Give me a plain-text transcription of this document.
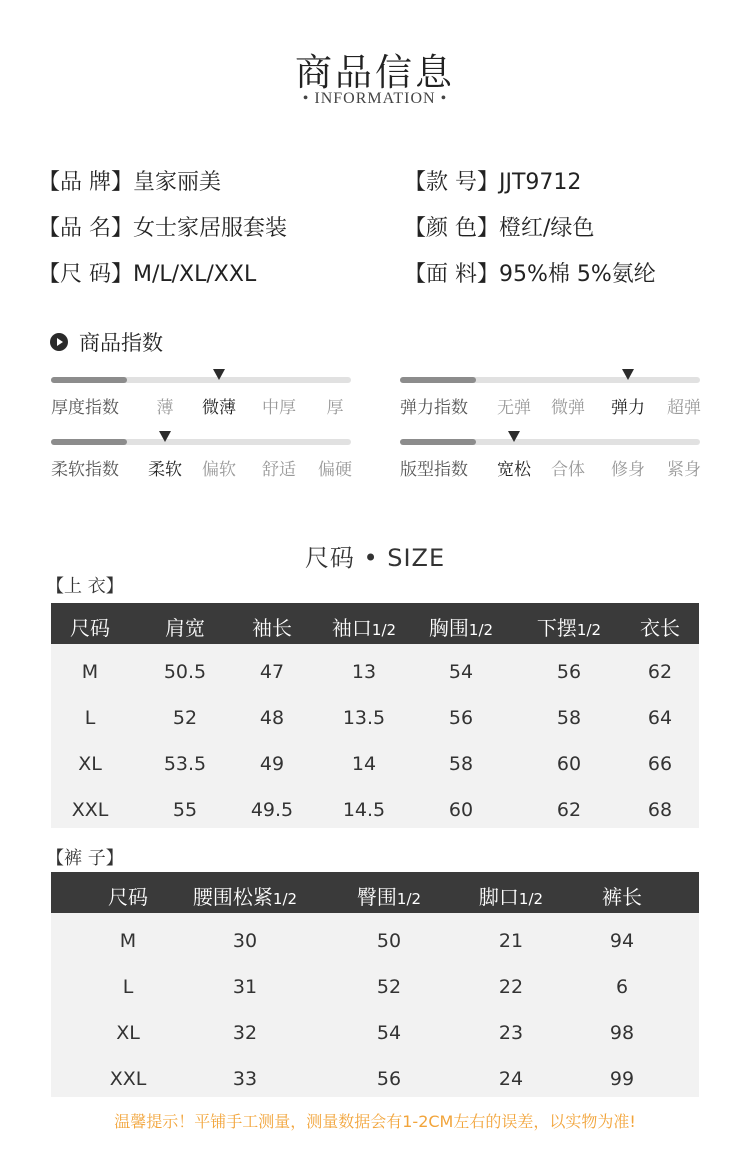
商品信息
• INFORMATION •
【品 牌】皇家丽美	【款 号】JJT9712
【品 名】女士家居服套装	【颜 色】橙红/绿色
【尺 码】M/L/XL/XXL	【面 料】95%棉 5%氨纶
商品指数
厚度指数 薄 微薄 中厚 厚	弹力指数 无弹 微弹 弹力 超弹
柔软指数 柔软 偏软 舒适 偏硬	版型指数 宽松 合体 修身 紧身
尺码 • SIZE
【上 衣】
尺码	肩宽 袖长 袖口1/2 胸围1/2 下摆1/2 衣长
M	50.5	47	13	54	56	62
L	52	48	13.5	56	58	64
XL	53.5	49	14	58	60	66
XXL	55	49.5	14.5	60	62	68
【裤 子】
尺码 腰围松紧1/2	臀围1/2	脚口1/2	裤长
M	30	50	21	94
L	31	52	22	6
XL	32	54	23	98
XXL	33	56	24	99
温馨提示！平铺手工测量，测量数据会有1-2CM左右的误差，以实物为准!
